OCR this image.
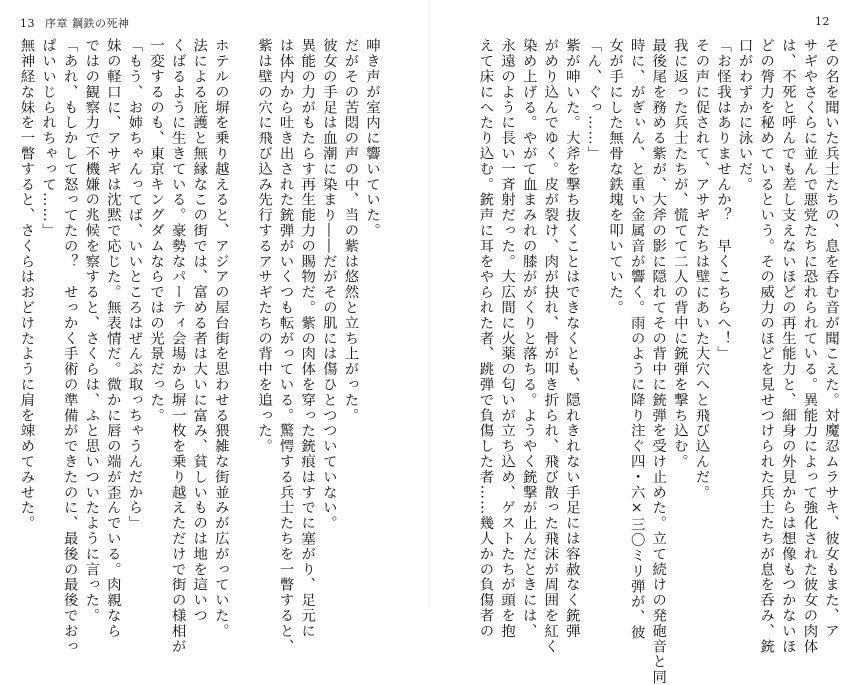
13 序章 鋼鉄の死神
呻き声が室内に響いていた。
だがその苦悶の声の中、当の紫は悠然と立ち上がった。
彼女の手足は血潮に染まり――だがその肌には傷ひとつついていない。
異能の力がもたらす再生能力の賜物だ。紫の肉体を穿った銃痕はすでに塞がり、足元に
は体内から吐き出された銃弾がいくつも転がっている。驚愕する兵士たちを一瞥すると、
紫は壁の穴に飛び込み先行するアサギたちの背中を追った。

ホテルの塀を乗り越えると、アジアの屋台街を思わせる猥雑な街並みが広がっていた。
法による庇護と無縁なこの街では、富める者は大いに富み、貧しいものは地を這いつ
くばるように生きている。豪勢なパーティ会場から塀一枚を乗り越えただけで街の様相が
一変するのも、東京キングダムならではの光景だった。
「もう、お姉ちゃんってば、いいところはぜんぶ取っちゃうんだから」
妹の軽口に、アサギは沈黙で応じた。無表情だ。微かに唇の端が歪んでいる。肉親なら
ではの観察力で不機嫌の兆候を察すると、さくらは、ふと思いついたように言った。
「あれ、もしかして怒ってたの？　せっかく手術の準備ができたのに、最後の最後でおっ
ぱいいじられちゃって……」
無神経な妹を一瞥すると、さくらはおどけたように肩を竦めてみせた。
12
その名を聞いた兵士たちの、息を呑む音が聞こえた。対魔忍ムラサキ、彼女もまた、ア
サギやさくらに並んで悪党たちに恐れられている。異能力によって強化された彼女の肉体
は、不死と呼んでも差し支えないほどの再生能力と、細身の外見からは想像もつかないほ
どの膂力を秘めているという。その威力のほどを見せつけられた兵士たちが息を呑み、銃
口がわずかに泳いだ。
「お怪我はありませんか？　早くこちらへ！」
その声に促されて、アサギたちは壁にあいた大穴へと飛び込んだ。
我に返った兵士たちが、慌てて二人の背中に銃弾を撃ち込む。
最後尾を務める紫が、大斧の影に隠れてその背中に銃弾を受け止めた。立て続けの発砲音と同
時に、がぎぃん、と重い金属音が響く。雨のように降り注ぐ四・六×三〇ミリ弾が、彼
女が手にした無骨な鉄塊を叩いていた。
「ん、ぐっ……」
紫が呻いた。大斧を撃ち抜くことはできなくとも、隠れきれない手足には容赦なく銃弾
がめり込んでゆく。皮が裂け、肉が抉れ、骨が叩き折られ、飛び散った飛沫が周囲を紅く
染め上げる。やがて血まみれの膝ががくりと落ちる。ようやく銃撃が止んだときには、
永遠のように長い一斉射だった。大広間に火薬の匂いが立ち込め、ゲストたちが頭を抱
えて床にへたり込む。銃声に耳をやられた者、跳弾で負傷した者……幾人かの負傷者の
